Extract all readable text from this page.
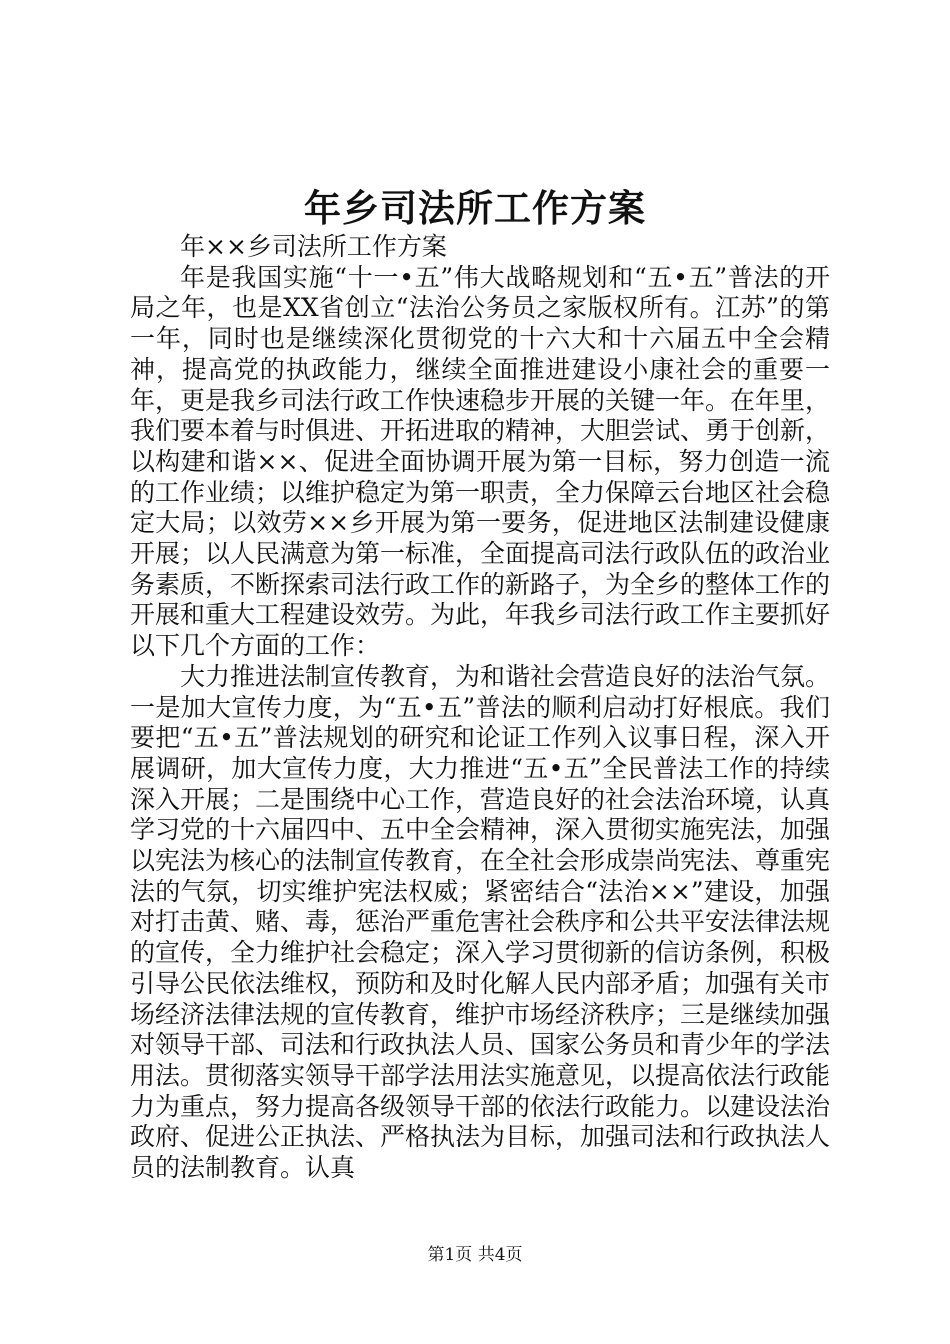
年乡司法所工作方案

年××乡司法所工作方案

年是我国实施“十一•五”伟大战略规划和“五•五”普法的开局之年，也是XX省创立“法治公务员之家版权所有。江苏”的第一年，同时也是继续深化贯彻党的十六大和十六届五中全会精神，提高党的执政能力，继续全面推进建设小康社会的重要一年，更是我乡司法行政工作快速稳步开展的关键一年。在年里，我们要本着与时俱进、开拓进取的精神，大胆尝试、勇于创新，以构建和谐××、促进全面协调开展为第一目标，努力创造一流的工作业绩；以维护稳定为第一职责，全力保障云台地区社会稳定大局；以效劳××乡开展为第一要务，促进地区法制建设健康开展；以人民满意为第一标准，全面提高司法行政队伍的政治业务素质，不断探索司法行政工作的新路子，为全乡的整体工作的开展和重大工程建设效劳。为此，年我乡司法行政工作主要抓好以下几个方面的工作：

大力推进法制宣传教育，为和谐社会营造良好的法治气氛。一是加大宣传力度，为“五•五”普法的顺利启动打好根底。我们要把“五•五”普法规划的研究和论证工作列入议事日程，深入开展调研，加大宣传力度，大力推进“五•五”全民普法工作的持续深入开展；二是围绕中心工作，营造良好的社会法治环境，认真学习党的十六届四中、五中全会精神，深入贯彻实施宪法，加强以宪法为核心的法制宣传教育，在全社会形成崇尚宪法、尊重宪法的气氛，切实维护宪法权威；紧密结合“法治××”建设，加强对打击黄、赌、毒，惩治严重危害社会秩序和公共平安法律法规的宣传，全力维护社会稳定；深入学习贯彻新的信访条例，积极引导公民依法维权，预防和及时化解人民内部矛盾；加强有关市场经济法律法规的宣传教育，维护市场经济秩序；三是继续加强对领导干部、司法和行政执法人员、国家公务员和青少年的学法用法。贯彻落实领导干部学法用法实施意见，以提高依法行政能力为重点，努力提高各级领导干部的依法行政能力。以建设法治政府、促进公正执法、严格执法为目标，加强司法和行政执法人员的法制教育。认真

第1页 共4页
